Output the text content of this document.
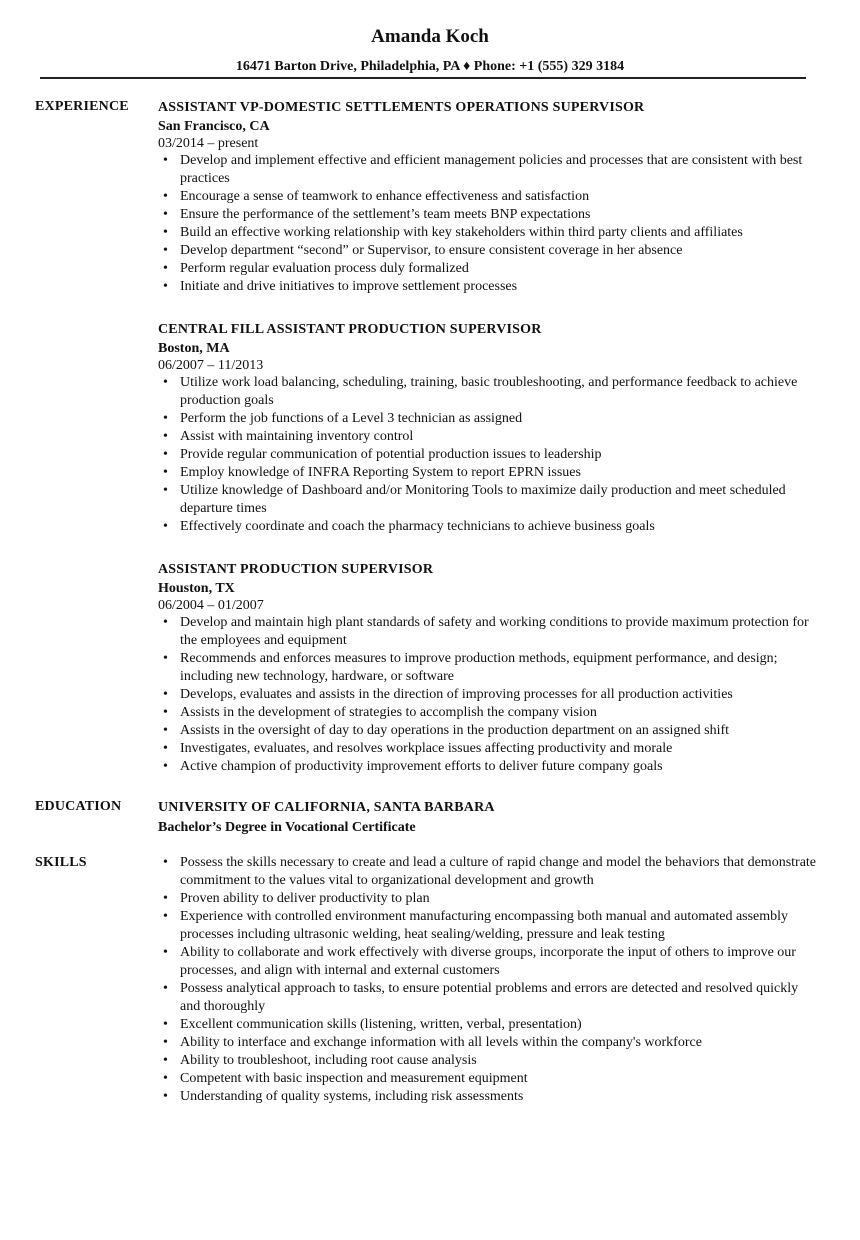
Amanda Koch
16471 Barton Drive, Philadelphia, PA ♦ Phone: +1 (555) 329 3184
EXPERIENCE ASSISTANT VP-DOMESTIC SETTLEMENTS OPERATIONS SUPERVISOR
San Francisco, CA
03/2014 – present
• Develop and implement effective and efficient management policies and processes that are consistent with best practices
• Encourage a sense of teamwork to enhance effectiveness and satisfaction
• Ensure the performance of the settlement’s team meets BNP expectations
• Build an effective working relationship with key stakeholders within third party clients and affiliates
• Develop department “second” or Supervisor, to ensure consistent coverage in her absence
• Perform regular evaluation process duly formalized
• Initiate and drive initiatives to improve settlement processes
CENTRAL FILL ASSISTANT PRODUCTION SUPERVISOR
Boston, MA
06/2007 – 11/2013
• Utilize work load balancing, scheduling, training, basic troubleshooting, and performance feedback to achieve production goals
• Perform the job functions of a Level 3 technician as assigned
• Assist with maintaining inventory control
• Provide regular communication of potential production issues to leadership
• Employ knowledge of INFRA Reporting System to report EPRN issues
• Utilize knowledge of Dashboard and/or Monitoring Tools to maximize daily production and meet scheduled departure times
• Effectively coordinate and coach the pharmacy technicians to achieve business goals
ASSISTANT PRODUCTION SUPERVISOR
Houston, TX
06/2004 – 01/2007
• Develop and maintain high plant standards of safety and working conditions to provide maximum protection for the employees and equipment
• Recommends and enforces measures to improve production methods, equipment performance, and design; including new technology, hardware, or software
• Develops, evaluates and assists in the direction of improving processes for all production activities
• Assists in the development of strategies to accomplish the company vision
• Assists in the oversight of day to day operations in the production department on an assigned shift
• Investigates, evaluates, and resolves workplace issues affecting productivity and morale
• Active champion of productivity improvement efforts to deliver future company goals
EDUCATION	UNIVERSITY OF CALIFORNIA, SANTA BARBARA
Bachelor’s Degree in Vocational Certificate
SKILLS
•	Possess the skills necessary to create and lead a culture of rapid change and model the behaviors that demonstrate commitment to the values vital to organizational development and growth
• Proven ability to deliver productivity to plan
• Experience with controlled environment manufacturing encompassing both manual and automated assembly processes including ultrasonic welding, heat sealing/welding, pressure and leak testing
• Ability to collaborate and work effectively with diverse groups, incorporate the input of others to improve our processes, and align with internal and external customers
• Possess analytical approach to tasks, to ensure potential problems and errors are detected and resolved quickly and thoroughly
• Excellent communication skills (listening, written, verbal, presentation)
• Ability to interface and exchange information with all levels within the company's workforce
• Ability to troubleshoot, including root cause analysis
• Competent with basic inspection and measurement equipment
• Understanding of quality systems, including risk assessments
